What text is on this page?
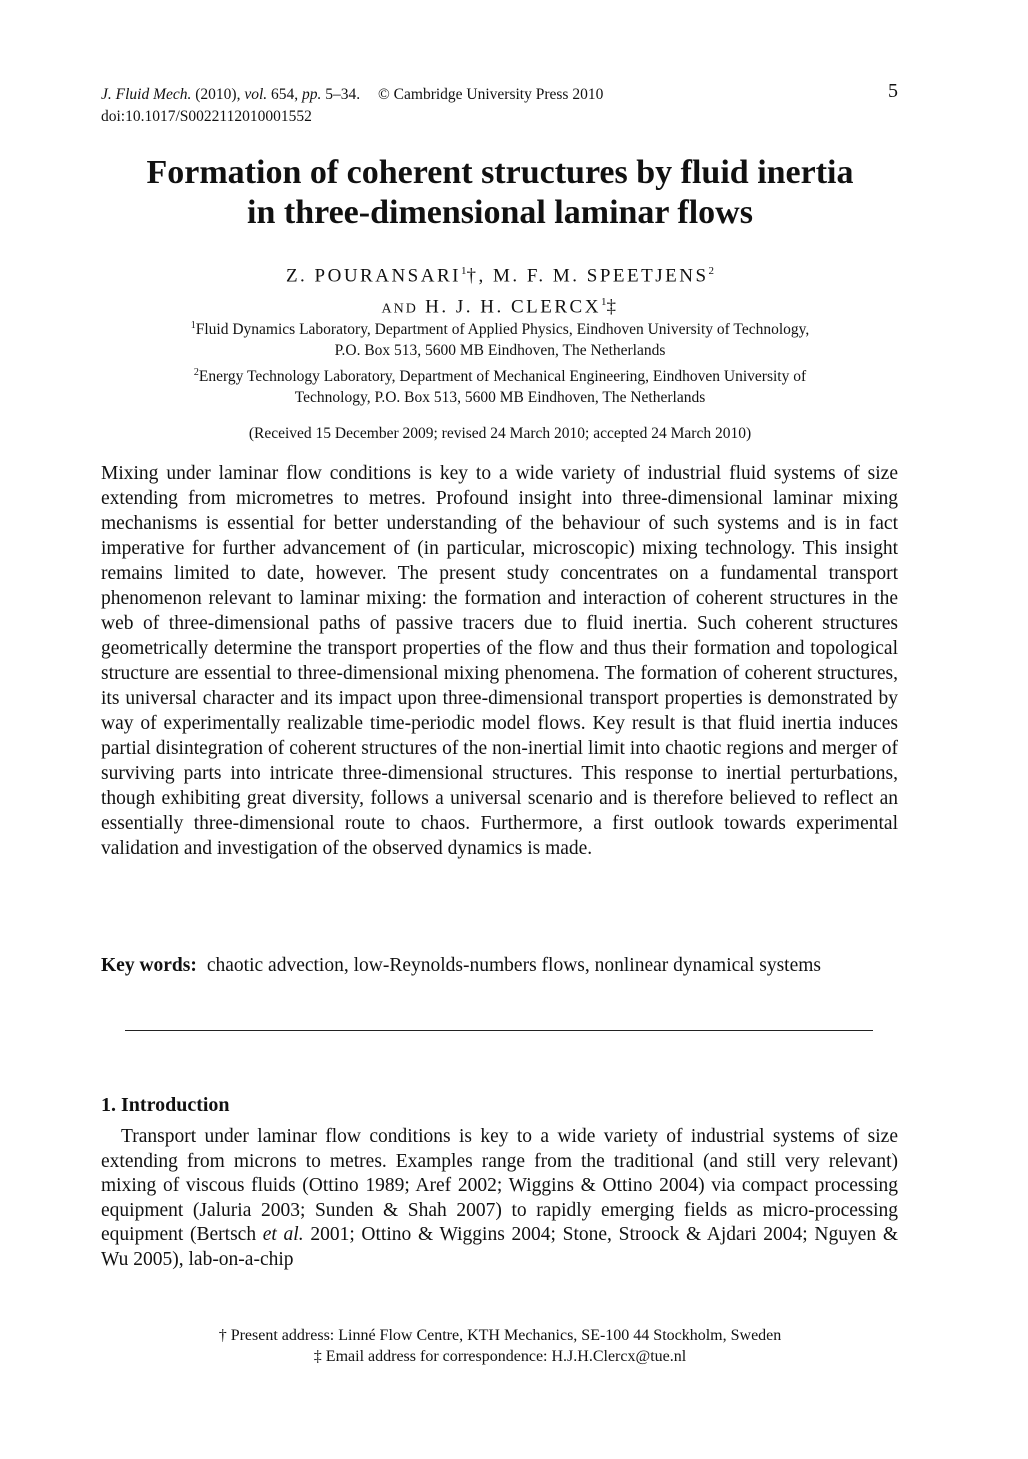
J. Fluid Mech. (2010), vol. 654, pp. 5–34. © Cambridge University Press 2010
doi:10.1017/S0022112010001552
5
Formation of coherent structures by fluid inertia
in three-dimensional laminar flows
Z. POURANSARI$^1$†, M. F. M. SPEETJENS$^2$
AND H. J. H. CLERCX$^1$‡
$^1$Fluid Dynamics Laboratory, Department of Applied Physics, Eindhoven University of Technology,
P.O. Box 513, 5600 MB Eindhoven, The Netherlands
$^2$Energy Technology Laboratory, Department of Mechanical Engineering, Eindhoven University of
Technology, P.O. Box 513, 5600 MB Eindhoven, The Netherlands
(Received 15 December 2009; revised 24 March 2010; accepted 24 March 2010)
Mixing under laminar flow conditions is key to a wide variety of industrial fluid systems of size extending from micrometres to metres. Profound insight into three-dimensional laminar mixing mechanisms is essential for better understanding of the behaviour of such systems and is in fact imperative for further advancement of (in particular, microscopic) mixing technology. This insight remains limited to date, however. The present study concentrates on a fundamental transport phenomenon relevant to laminar mixing: the formation and interaction of coherent structures in the web of three-dimensional paths of passive tracers due to fluid inertia. Such coherent structures geometrically determine the transport properties of the flow and thus their formation and topological structure are essential to three-dimensional mixing phenomena. The formation of coherent structures, its universal character and its impact upon three-dimensional transport properties is demonstrated by way of experimentally realizable time-periodic model flows. Key result is that fluid inertia induces partial disintegration of coherent structures of the non-inertial limit into chaotic regions and merger of surviving parts into intricate three-dimensional structures. This response to inertial perturbations, though exhibiting great diversity, follows a universal scenario and is therefore believed to reflect an essentially three-dimensional route to chaos. Furthermore, a first outlook towards experimental validation and investigation of the observed dynamics is made.
Key words: chaotic advection, low-Reynolds-numbers flows, nonlinear dynamical systems
1. Introduction
Transport under laminar flow conditions is key to a wide variety of industrial systems of size extending from microns to metres. Examples range from the traditional (and still very relevant) mixing of viscous fluids (Ottino 1989; Aref 2002; Wiggins & Ottino 2004) via compact processing equipment (Jaluria 2003; Sunden & Shah 2007) to rapidly emerging fields as micro-processing equipment (Bertsch et al. 2001; Ottino & Wiggins 2004; Stone, Stroock & Ajdari 2004; Nguyen & Wu 2005), lab-on-a-chip
† Present address: Linné Flow Centre, KTH Mechanics, SE-100 44 Stockholm, Sweden
‡ Email address for correspondence: H.J.H.Clercx@tue.nl
